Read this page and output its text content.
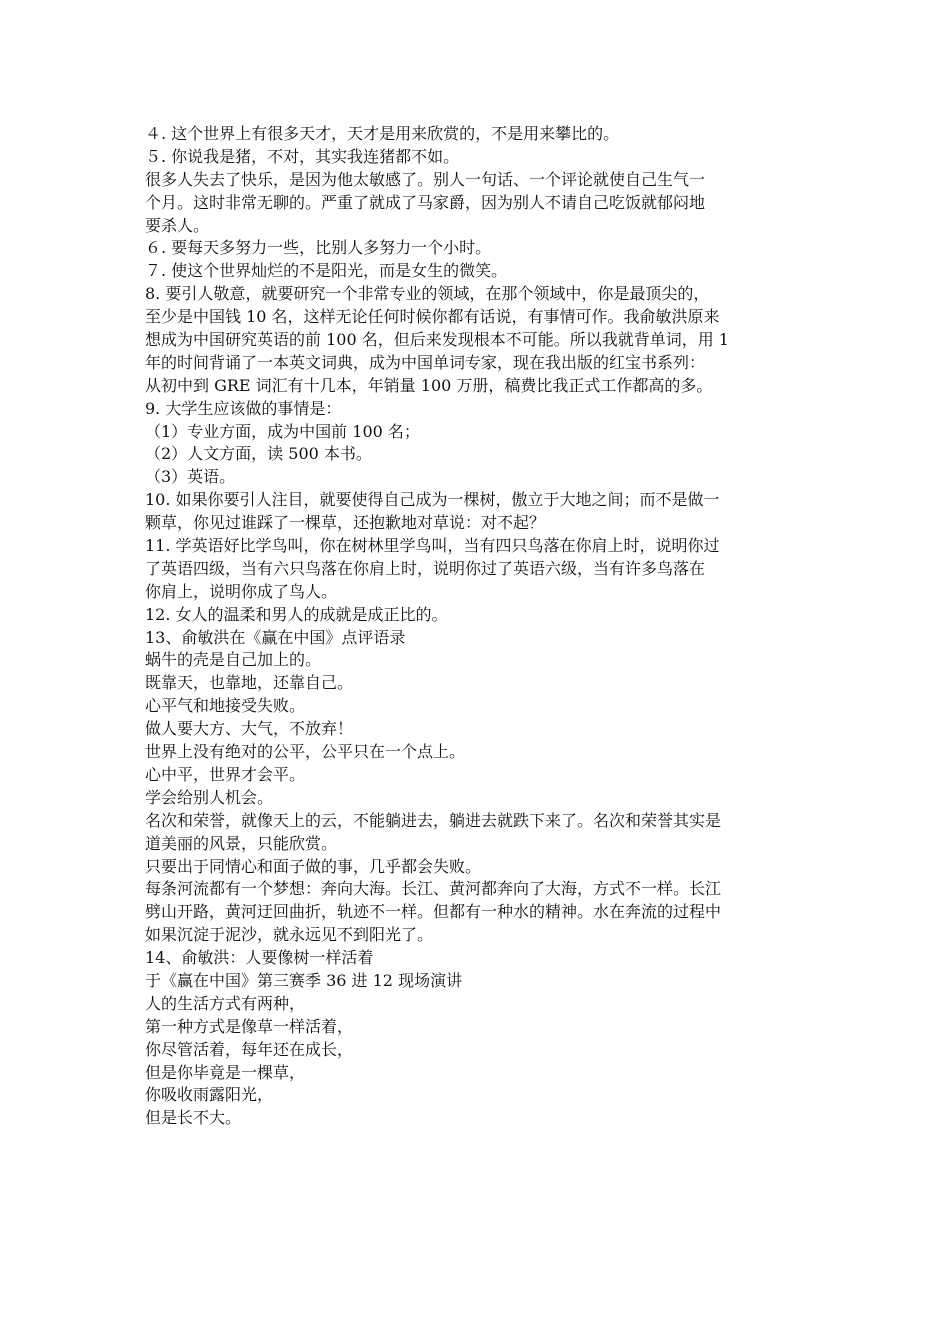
４. 这个世界上有很多天才，天才是用来欣赏的，不是用来攀比的。
５. 你说我是猪，不对，其实我连猪都不如。
很多人失去了快乐，是因为他太敏感了。别人一句话、一个评论就使自己生气一
个月。这时非常无聊的。严重了就成了马家爵，因为别人不请自己吃饭就郁闷地
要杀人。
６. 要每天多努力一些，比别人多努力一个小时。
７. 使这个世界灿烂的不是阳光，而是女生的微笑。
8. 要引人敬意，就要研究一个非常专业的领域，在那个领域中，你是最顶尖的，
至少是中国钱 10 名，这样无论任何时候你都有话说，有事情可作。我俞敏洪原来
想成为中国研究英语的前 100 名，但后来发现根本不可能。所以我就背单词，用 1
年的时间背诵了一本英文词典，成为中国单词专家，现在我出版的红宝书系列：
从初中到 GRE 词汇有十几本，年销量 100 万册，稿费比我正式工作都高的多。
9. 大学生应该做的事情是：
（1）专业方面，成为中国前 100 名；
（2）人文方面，读 500 本书。
（3）英语。
10. 如果你要引人注目，就要使得自己成为一棵树，傲立于大地之间；而不是做一
颗草，你见过谁踩了一棵草，还抱歉地对草说：对不起？
11. 学英语好比学鸟叫，你在树林里学鸟叫，当有四只鸟落在你肩上时，说明你过
了英语四级，当有六只鸟落在你肩上时，说明你过了英语六级，当有许多鸟落在
你肩上，说明你成了鸟人。
12. 女人的温柔和男人的成就是成正比的。
13、俞敏洪在《赢在中国》点评语录
蜗牛的壳是自己加上的。
既靠天，也靠地，还靠自己。
心平气和地接受失败。
做人要大方、大气，不放弃！
世界上没有绝对的公平，公平只在一个点上。
心中平，世界才会平。
学会给别人机会。
名次和荣誉，就像天上的云，不能躺进去，躺进去就跌下来了。名次和荣誉其实是
道美丽的风景，只能欣赏。
只要出于同情心和面子做的事，几乎都会失败。
每条河流都有一个梦想：奔向大海。长江、黄河都奔向了大海，方式不一样。长江
劈山开路，黄河迂回曲折，轨迹不一样。但都有一种水的精神。水在奔流的过程中
如果沉淀于泥沙，就永远见不到阳光了。
14、俞敏洪：人要像树一样活着
于《赢在中国》第三赛季 36 进 12 现场演讲
人的生活方式有两种，
第一种方式是像草一样活着，
你尽管活着，每年还在成长，
但是你毕竟是一棵草，
你吸收雨露阳光，
但是长不大。
